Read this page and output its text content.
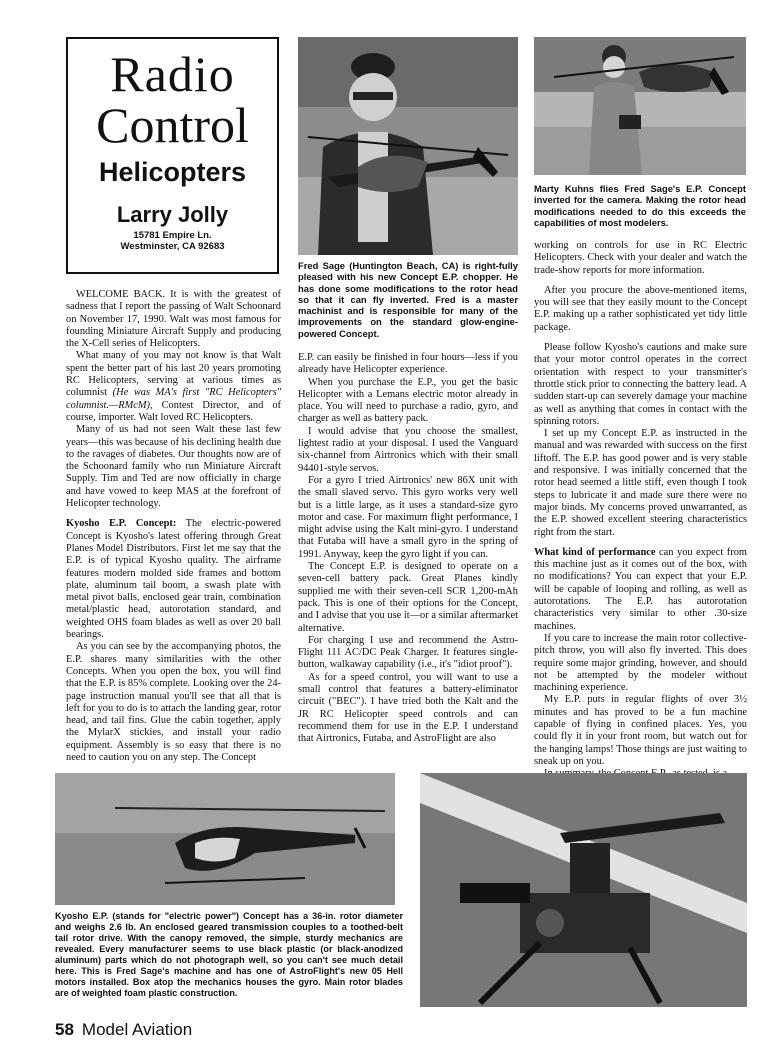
Radio
Control
Helicopters
Larry Jolly
15781 Empire Ln.
Westminster, CA 92683
Marty Kuhns flies Fred Sage's E.P. Concept inverted for the camera. Making the rotor head modifications needed to do this exceeds the capabilities of most modelers.
Fred Sage (Huntington Beach, CA) is right-fully pleased with his new Concept E.P. chopper. He has done some modifications to the rotor head so that it can fly inverted. Fred is a master machinist and is responsible for many of the improvements on the standard glow-engine-powered Concept.

WELCOME BACK. It is with the greatest of sadness that I report the passing of Walt Schoonard on November 17, 1990. Walt was most famous for founding Miniature Aircraft Supply and producing the X-Cell series of Helicopters.

What many of you may not know is that Walt spent the better part of his last 20 years promoting RC Helicopters, serving at various times as columnist (He was MA's first "RC Helicopters" columnist.—RMcM), Contest Director, and of course, importer. Walt loved RC Helicopters.

Many of us had not seen Walt these last few years—this was because of his declining health due to the ravages of diabetes. Our thoughts now are of the Schoonard family who run Miniature Aircraft Supply. Tim and Ted are now officially in charge and have vowed to keep MAS at the forefront of Helicopter technology.

Kyosho E.P. Concept: The electric-powered Concept is Kyosho's latest offering through Great Planes Model Distributors. First let me say that the E.P. is of typical Kyosho quality. The airframe features modern molded side frames and bottom plate, aluminum tail boom, a swash plate with metal pivot balls, enclosed gear train, combination metal/plastic head, autorotation standard, and weighted OHS foam blades as well as over 20 ball bearings.

As you can see by the accompanying photos, the E.P. shares many similarities with the other Concepts. When you open the box, you will find that the E.P. is 85% complete. Looking over the 24-page instruction manual you'll see that all that is left for you to do is to attach the landing gear, rotor head, and tail fins. Glue the cabin together, apply the MylarX stickies, and install your radio equipment. Assembly is so easy that there is no need to caution you on any step. The Concept

E.P. can easily be finished in four hours—less if you already have Helicopter experience.

When you purchase the E.P., you get the basic Helicopter with a Lemans electric motor already in place. You will need to purchase a radio, gyro, and charger as well as battery pack.

I would advise that you choose the smallest, lightest radio at your disposal. I used the Vanguard six-channel from Airtronics which with their small 94401-style servos.

For a gyro I tried Airtronics' new 86X unit with the small slaved servo. This gyro works very well but is a little large, as it uses a standard-size gyro motor and case. For maximum flight performance, I might advise using the Kalt mini-gyro. I understand that Futaba will have a small gyro in the spring of 1991. Anyway, keep the gyro light if you can.

The Concept E.P. is designed to operate on a seven-cell battery pack. Great Planes kindly supplied me with their seven-cell SCR 1,200-mAh pack. This is one of their options for the Concept, and I advise that you use it—or a similar aftermarket alternative.

For charging I use and recommend the Astro-Flight 111 AC/DC Peak Charger. It features single-button, walkaway capability (i.e., it's "idiot proof").

As for a speed control, you will want to use a small control that features a battery-eliminator circuit ("BEC"). I have tried both the Kalt and the JR RC Helicopter speed controls and can recommend them for use in the E.P. I understand that Airtronics, Futaba, and AstroFlight are also

working on controls for use in RC Electric Helicopters. Check with your dealer and watch the trade-show reports for more information.

After you procure the above-mentioned items, you will see that they easily mount to the Concept E.P. making up a rather sophisticated yet tidy little package.

Please follow Kyosho's cautions and make sure that your motor control operates in the correct orientation with respect to your transmitter's throttle stick prior to connecting the battery lead. A sudden start-up can severely damage your machine as well as anything that comes in contact with the spinning rotors.

I set up my Concept E.P. as instructed in the manual and was rewarded with success on the first liftoff. The E.P. has good power and is very stable and responsive. I was initially concerned that the rotor head seemed a little stiff, even though I took steps to lubricate it and made sure there were no major binds. My concerns proved unwarranted, as the E.P. showed excellent steering characteristics right from the start.

What kind of performance can you expect from this machine just as it comes out of the box, with no modifications? You can expect that your E.P. will be capable of looping and rolling, as well as autorotations. The E.P. has autorotation characteristics very similar to other .30-size machines.

If you care to increase the main rotor collective-pitch throw, you will also fly inverted. This does require some major grinding, however, and should not be attempted by the modeler without machining experience.

My E.P. puts in regular flights of over 3½ minutes and has proved to be a fun machine capable of flying in confined places. Yes, you could fly it in your front room, but watch out for the hanging lamps! Those things are just waiting to sneak up on you.

Kyosho E.P. (stands for "electric power") Concept has a 36-in. rotor diameter and weighs 2.6 lb. An enclosed geared transmission couples to a toothed-belt tail rotor drive. With the canopy removed, the simple, sturdy mechanics are revealed. Every manufacturer seems to use black plastic (or black-anodized aluminum) parts which do not photograph well, so you can't see much detail here. This is Fred Sage's machine and has one of AstroFlight's new 05 Hell motors installed. Box atop the mechanics houses the gyro. Main rotor blades are of weighted foam plastic construction.
58 Model Aviation
